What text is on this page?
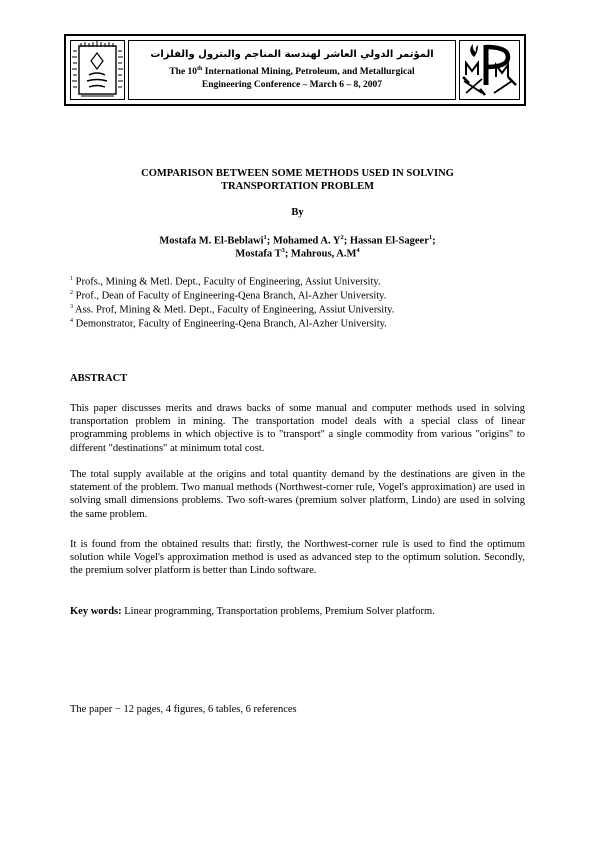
المؤتمر الدولي العاشر لهندسة المناجم والبترول والفلزات
The 10th International Mining, Petroleum, and Metallurgical
Engineering Conference – March 6 – 8, 2007
COMPARISON BETWEEN SOME METHODS USED IN SOLVING
TRANSPORTATION PROBLEM
By
Mostafa M. El-Beblawi$^1$; Mohamed A. $Y^2$; Hassan El-Sageer$^1$;
Mostafa $T^3$; Mahrous, $A.M^4$
$^1$ Profs., Mining & Metl. Dept., Faculty of Engineering, Assiut University.
$^2$ Prof., Dean of Faculty of Engineering-Qena Branch, Al-Azher University.
$^3$ Ass. Prof, Mining & Metl. Dept., Faculty of Engineering, Assiut University.
$^4$ Demonstrator, Faculty of Engineering-Qena Branch, Al-Azher University.
ABSTRACT
This paper discusses merits and draws backs of some manual and computer methods used in solving transportation problem in mining. The transportation model deals with a special class of linear programming problems in which objective is to "transport" a single commodity from various "origins" to different "destinations" at minimum total cost.
The total supply available at the origins and total quantity demand by the destinations are given in the statement of the problem. Two manual methods (Northwest-corner rule, Vogel's approximation) are used in solving small dimensions problems. Two soft-wares (premium solver platform, Lindo) are used in solving the same problem.
It is found from the obtained results that: firstly, the Northwest-corner rule is used to find the optimum solution while Vogel's approximation method is used as advanced step to the optimum solution. Secondly, the premium solver platform is better than Lindo software.
Key words: Linear programming, Transportation problems, Premium Solver platform.
The paper − 12 pages, 4 figures, 6 tables, 6 references
